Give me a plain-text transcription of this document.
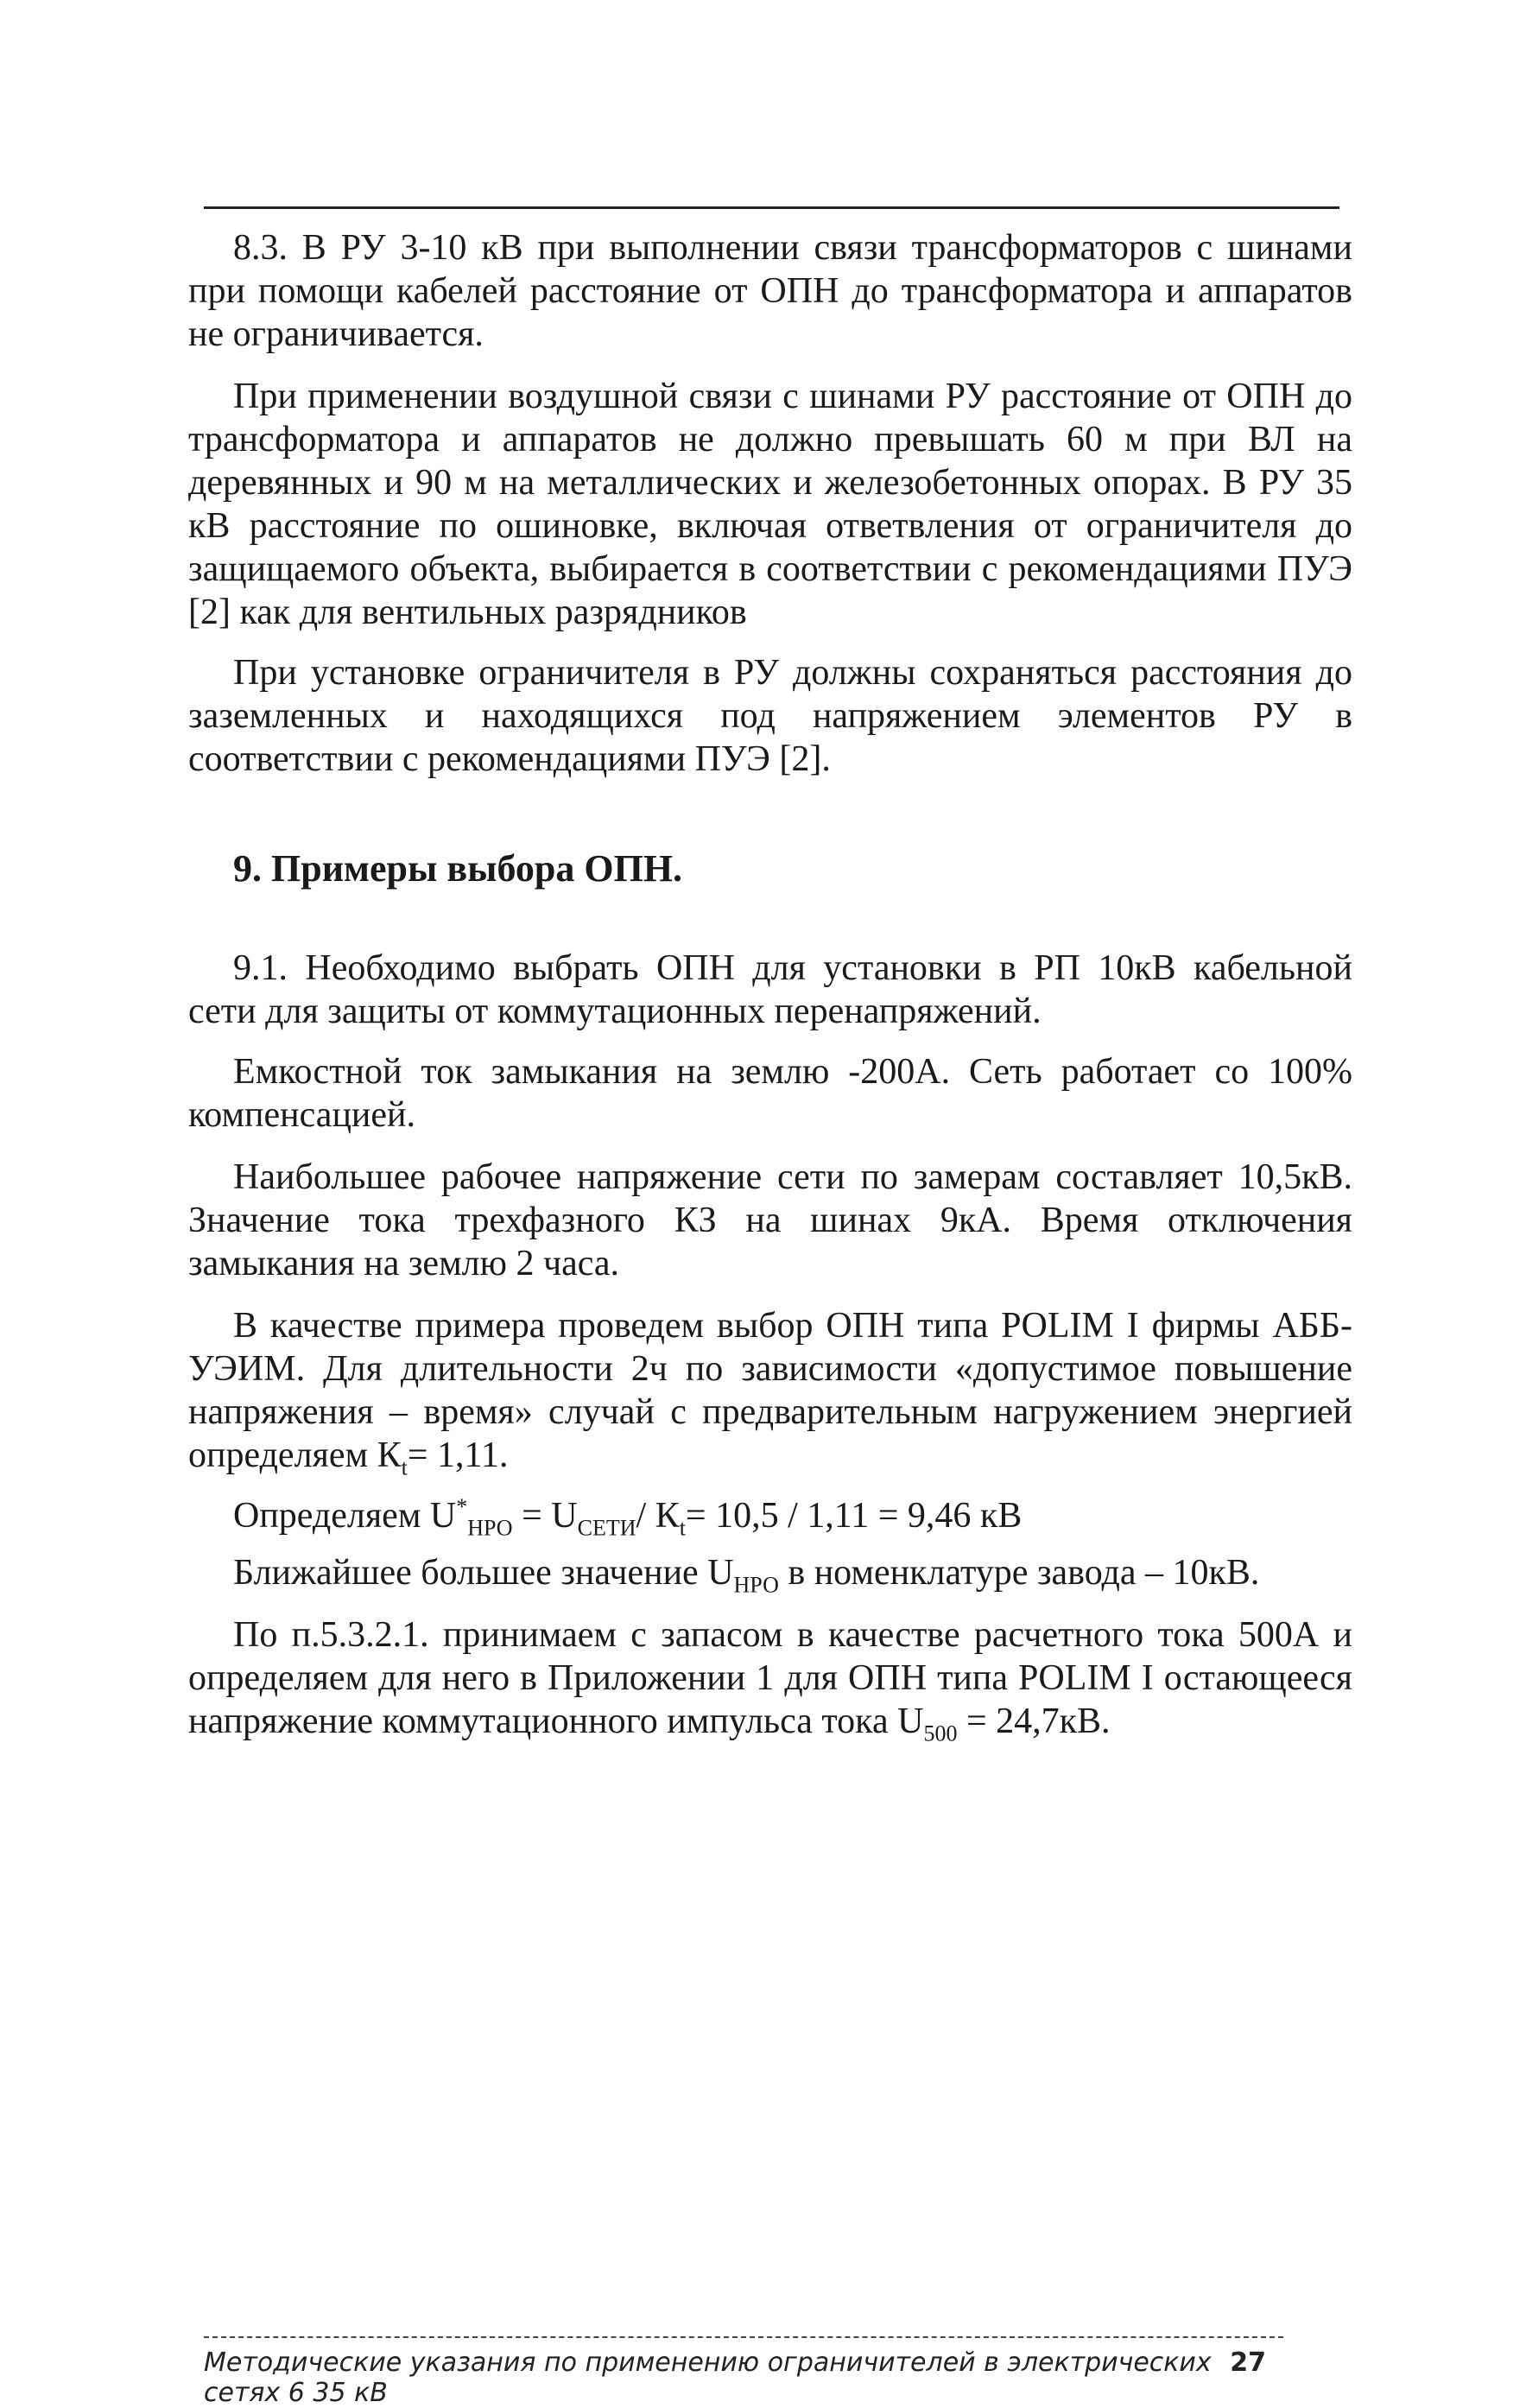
8.3. В РУ 3-10 кВ при выполнении связи трансформаторов с шинами при помощи кабелей расстояние от ОПН до трансформатора и аппаратов не ограничивается.

При применении воздушной связи с шинами РУ расстояние от ОПН до трансформатора и аппаратов не должно превышать 60 м при ВЛ на деревянных и 90 м на металлических и железобетонных опорах. В РУ 35 кВ расстояние по ошиновке, включая ответвления от ограничителя до защищаемого объекта, выбирается в соответствии с рекомендациями ПУЭ [2] как для вентильных разрядников

При установке ограничителя в РУ должны сохраняться расстояния до заземленных и находящихся под напряжением элементов РУ в соответствии с рекомендациями ПУЭ [2].

9. Примеры выбора ОПН.

9.1. Необходимо выбрать ОПН для установки в РП 10кВ кабельной сети для защиты от коммутационных перенапряжений.

Емкостной ток замыкания на землю -200А. Сеть работает со 100% компенсацией.

Наибольшее рабочее напряжение сети по замерам составляет 10,5кВ. Значение тока трехфазного КЗ на шинах 9кА. Время отключения замыкания на землю 2 часа.

В качестве примера проведем выбор ОПН типа POLIM I фирмы АББ-УЭИМ. Для длительности 2ч по зависимости «допустимое повышение напряжения – время» случай с предварительным нагружением энергией определяем $К_t= 1,11$.

Определяем $U^*_{НРО} = U_{СЕТИ}/$ $К_t= 10,5 / 1,11 = 9,46$ кВ

Ближайшее большее значение $U_{НРО}$ в номенклатуре завода – 10кВ.

По п.5.3.2.1. принимаем с запасом в качестве расчетного тока 500А и определяем для него в Приложении 1 для ОПН типа POLIM I остающееся напряжение коммутационного импульса тока $U_{500} = 24,7кВ$.

Методические указания по применению ограничителей в электрических сетях 6 35 кВ
27
